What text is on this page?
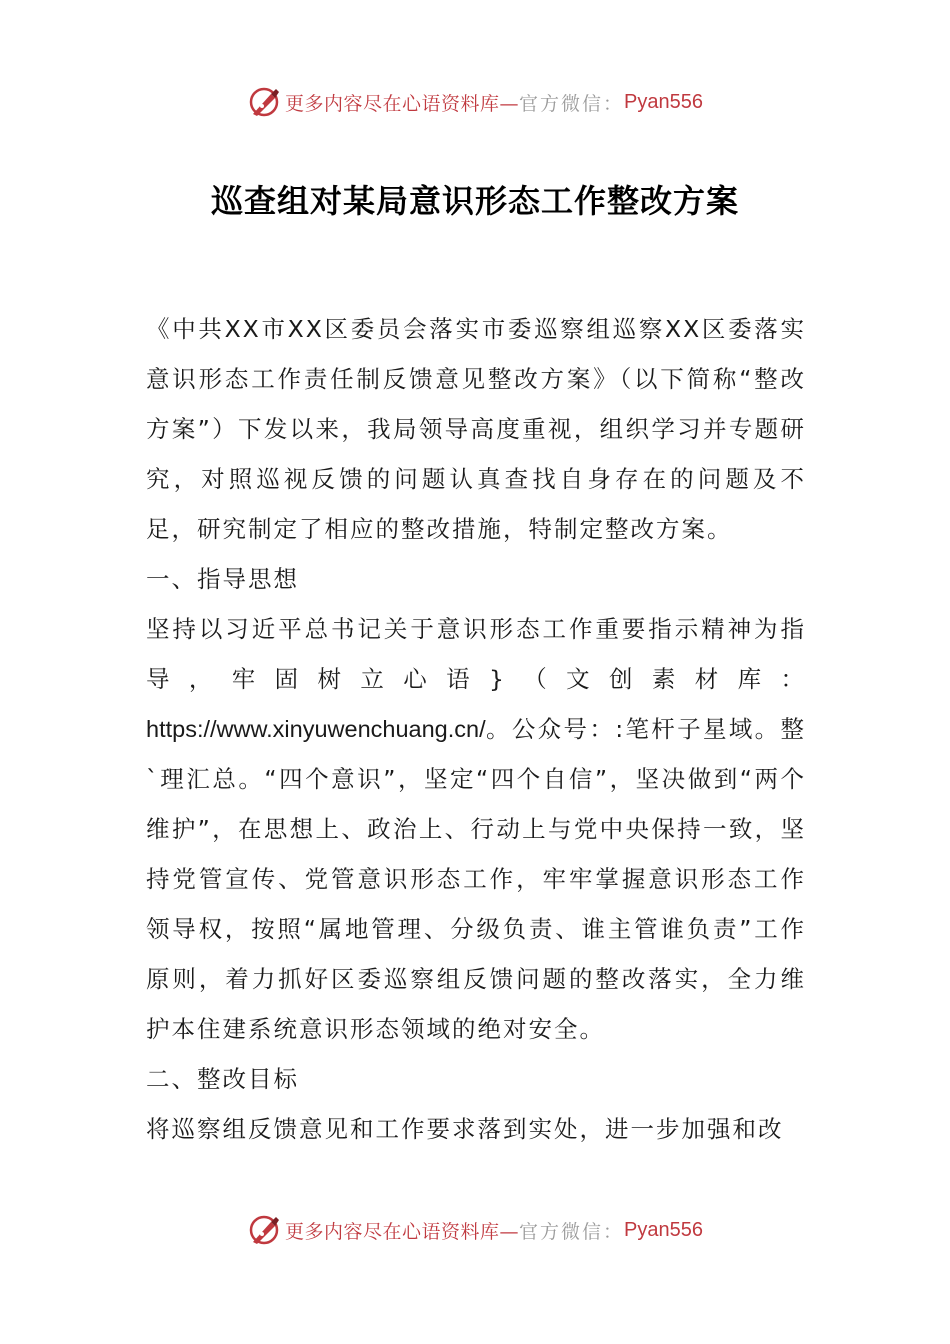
更多内容尽在心语资料库— 官方微信： Pyan556
巡查组对某局意识形态工作整改方案

《中共XX市XX区委员会落实市委巡察组巡察XX区委落实意识形态工作责任制反馈意见整改方案》（以下简称“整改方案”）下发以来，我局领导高度重视，组织学习并专题研究，对照巡视反馈的问题认真查找自身存在的问题及不足，研究制定了相应的整改措施，特制定整改方案。

一、指导思想

坚持以习近平总书记关于意识形态工作重要指示精神为指导，牢固树立心语}（文创素材库：https://www.xinyuwenchuang.cn/。公众号：:笔杆子星域。整`理汇总。“四个意识”，坚定“四个自信”，坚决做到“两个维护”，在思想上、政治上、行动上与党中央保持一致，坚持党管宣传、党管意识形态工作，牢牢掌握意识形态工作领导权，按照“属地管理、分级负责、谁主管谁负责”工作原则，着力抓好区委巡察组反馈问题的整改落实，全力维护本住建系统意识形态领域的绝对安全。

二、整改目标

将巡察组反馈意见和工作要求落到实处，进一步加强和改

更多内容尽在心语资料库— 官方微信： Pyan556
